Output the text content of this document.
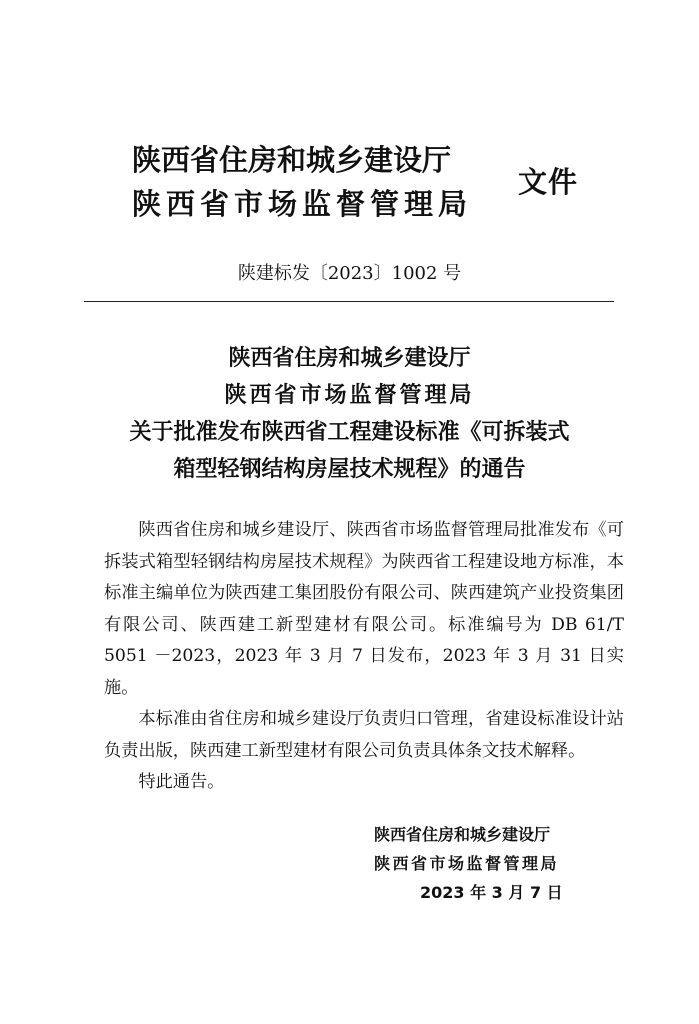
陕西省住房和城乡建设厅
陕西省市场监督管理局
文件
陕建标发〔2023〕1002 号
陕西省住房和城乡建设厅
陕西省市场监督管理局
关于批准发布陕西省工程建设标准《可拆装式
箱型轻钢结构房屋技术规程》的通告

陕西省住房和城乡建设厅、陕西省市场监督管理局批准发布《可拆装式箱型轻钢结构房屋技术规程》为陕西省工程建设地方标准，本标准主编单位为陕西建工集团股份有限公司、陕西建筑产业投资集团有限公司、陕西建工新型建材有限公司。标准编号为 DB 61/T 5051 －2023，2023 年 3 月 7 日发布，2023 年 3 月 31 日实施。

本标准由省住房和城乡建设厅负责归口管理，省建设标准设计站负责出版，陕西建工新型建材有限公司负责具体条文技术解释。

特此通告。

陕西省住房和城乡建设厅
陕西省市场监督管理局
2023 年 3 月 7 日
